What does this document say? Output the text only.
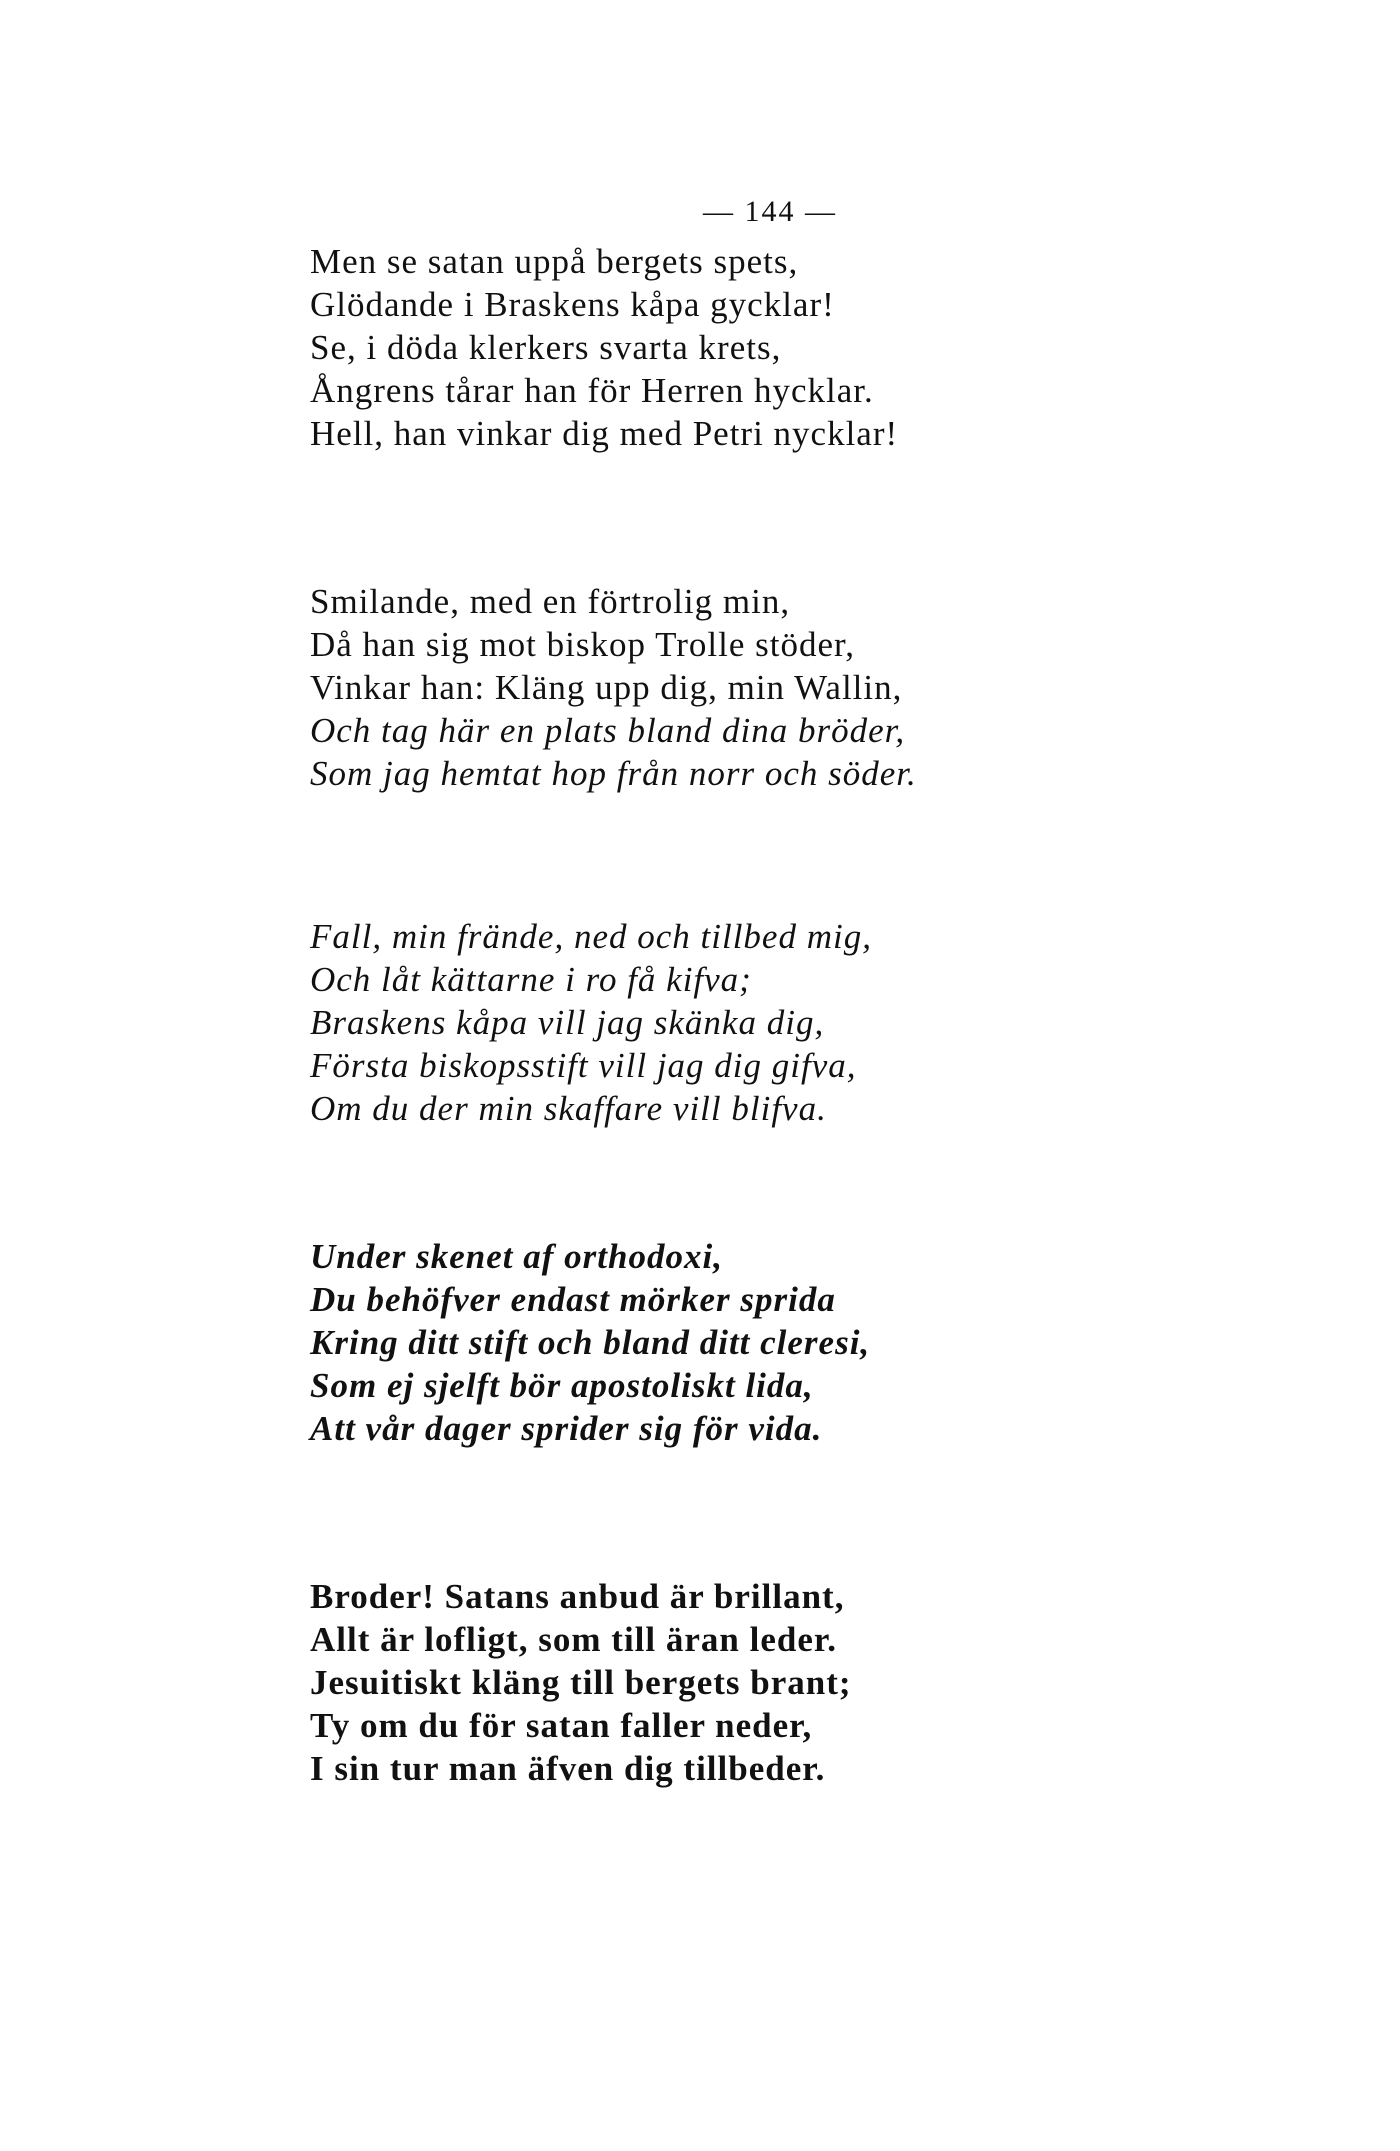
— 144 —
Men se satan uppå bergets spets,
Glödande i Braskens kåpa gycklar!
Se, i döda klerkers svarta krets,
Ångrens tårar han för Herren hycklar.
Hell, han vinkar dig med Petri nycklar!
Smilande, med en förtrolig min,
Då han sig mot biskop Trolle stöder,
Vinkar han: Kläng upp dig, min Wallin,
Och tag här en plats bland dina bröder,
Som jag hemtat hop från norr och söder.
Fall, min frände, ned och tillbed mig,
Och låt kättarne i ro få kifva;
Braskens kåpa vill jag skänka dig,
Första biskopsstift vill jag dig gifva,
Om du der min skaffare vill blifva.
Under skenet af orthodoxi,
Du behöfver endast mörker sprida
Kring ditt stift och bland ditt cleresi,
Som ej sjelft bör apostoliskt lida,
Att vår dager sprider sig för vida.
Broder! Satans anbud är brillant,
Allt är lofligt, som till äran leder.
Jesuitiskt kläng till bergets brant;
Ty om du för satan faller neder,
I sin tur man äfven dig tillbeder.
